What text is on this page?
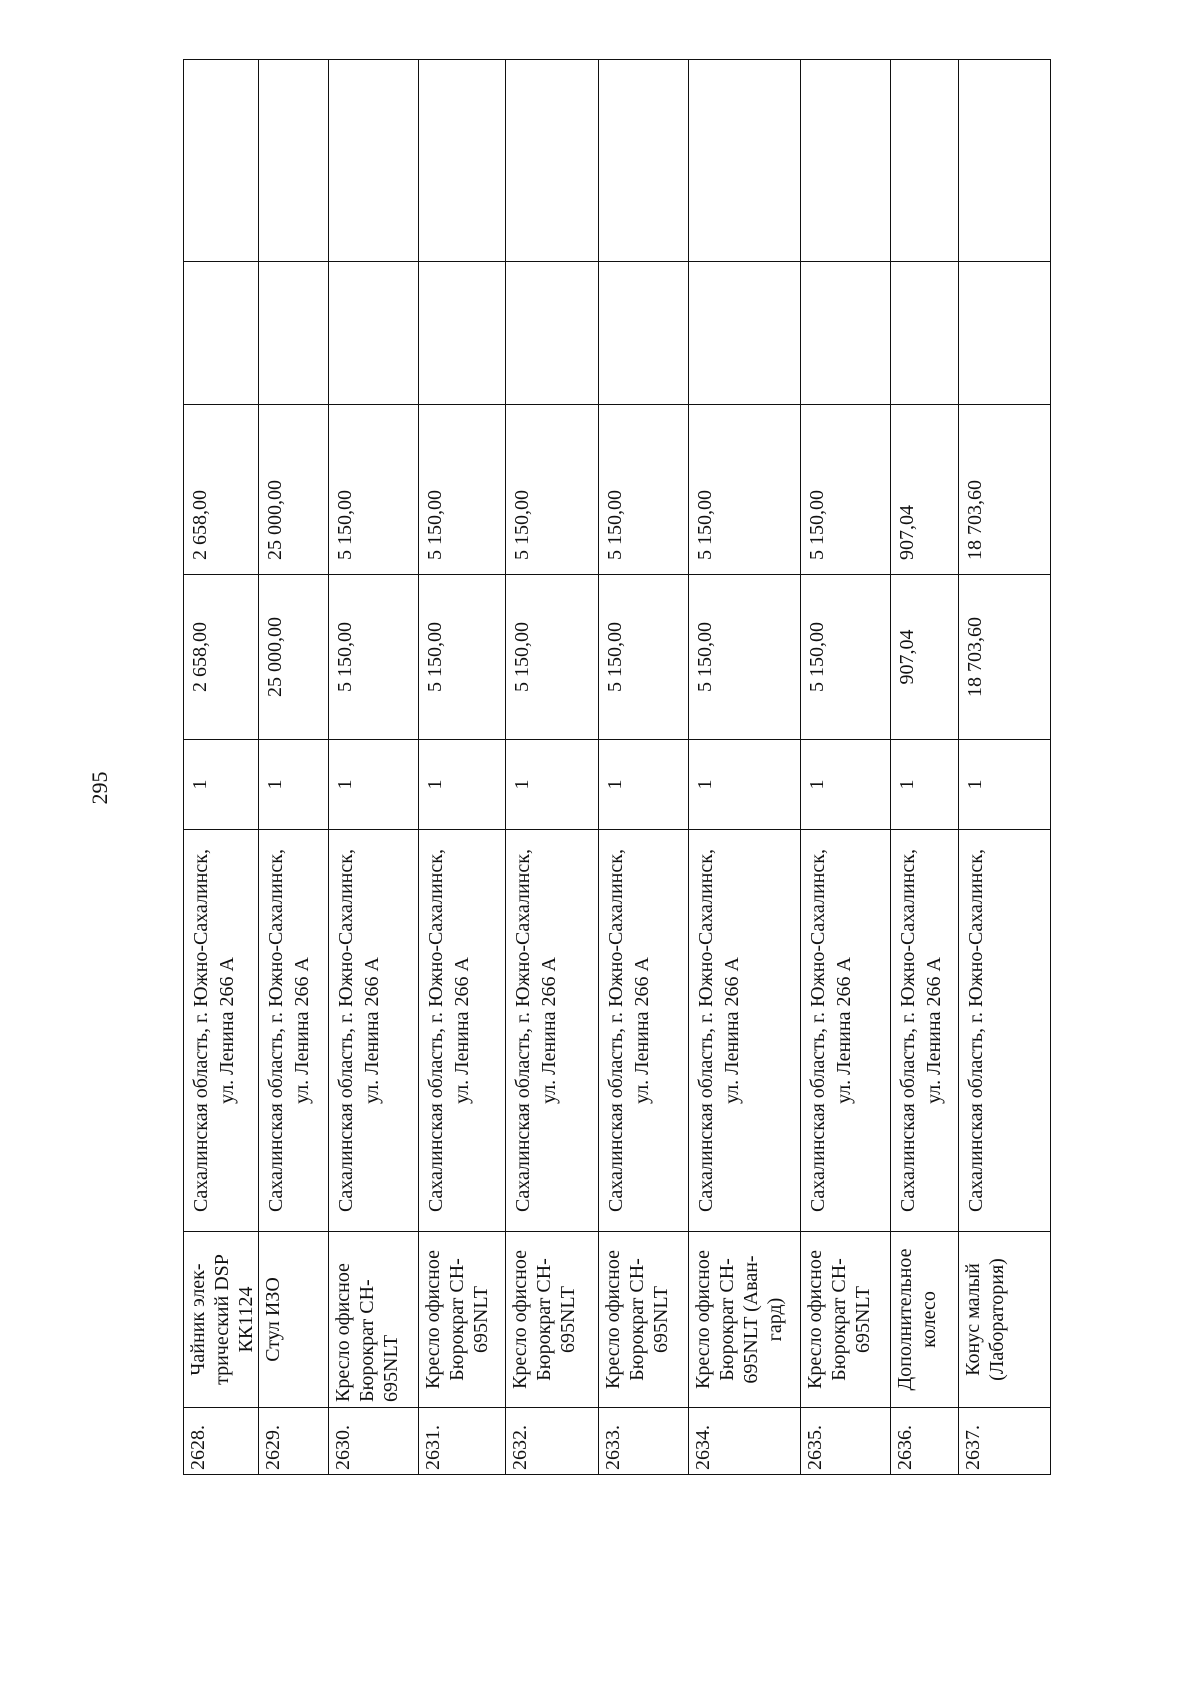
295
2628.	Чайник элек-
трический DSP
КК1124	Сахалинская область, г. Южно-Сахалинск,
ул. Ленина 266 А	1	2 658,00	2 658,00		
2629.	Стул ИЗО	Сахалинская область, г. Южно-Сахалинск,
ул. Ленина 266 А	1	25 000,00	25 000,00		
2630.	Кресло офисное
Бюрократ СН-
695NLT	Сахалинская область, г. Южно-Сахалинск,
ул. Ленина 266 А	1	5 150,00	5 150,00		
2631.	Кресло офисное
Бюрократ СН-
695NLT	Сахалинская область, г. Южно-Сахалинск,
ул. Ленина 266 А	1	5 150,00	5 150,00		
2632.	Кресло офисное
Бюрократ СН-
695NLT	Сахалинская область, г. Южно-Сахалинск,
ул. Ленина 266 А	1	5 150,00	5 150,00		
2633.	Кресло офисное
Бюрократ СН-
695NLT	Сахалинская область, г. Южно-Сахалинск,
ул. Ленина 266 А	1	5 150,00	5 150,00		
2634.	Кресло офисное
Бюрократ СН-
695NLT (Аван-
гард)	Сахалинская область, г. Южно-Сахалинск,
ул. Ленина 266 А	1	5 150,00	5 150,00		
2635.	Кресло офисное
Бюрократ СН-
695NLT	Сахалинская область, г. Южно-Сахалинск,
ул. Ленина 266 А	1	5 150,00	5 150,00		
2636.	Дополнительное
колесо	Сахалинская область, г. Южно-Сахалинск,
ул. Ленина 266 А	1	907,04	907,04		
2637.	Конус малый
(Лаборатория)	Сахалинская область, г. Южно-Сахалинск,	1	18 703,60	18 703,60		
